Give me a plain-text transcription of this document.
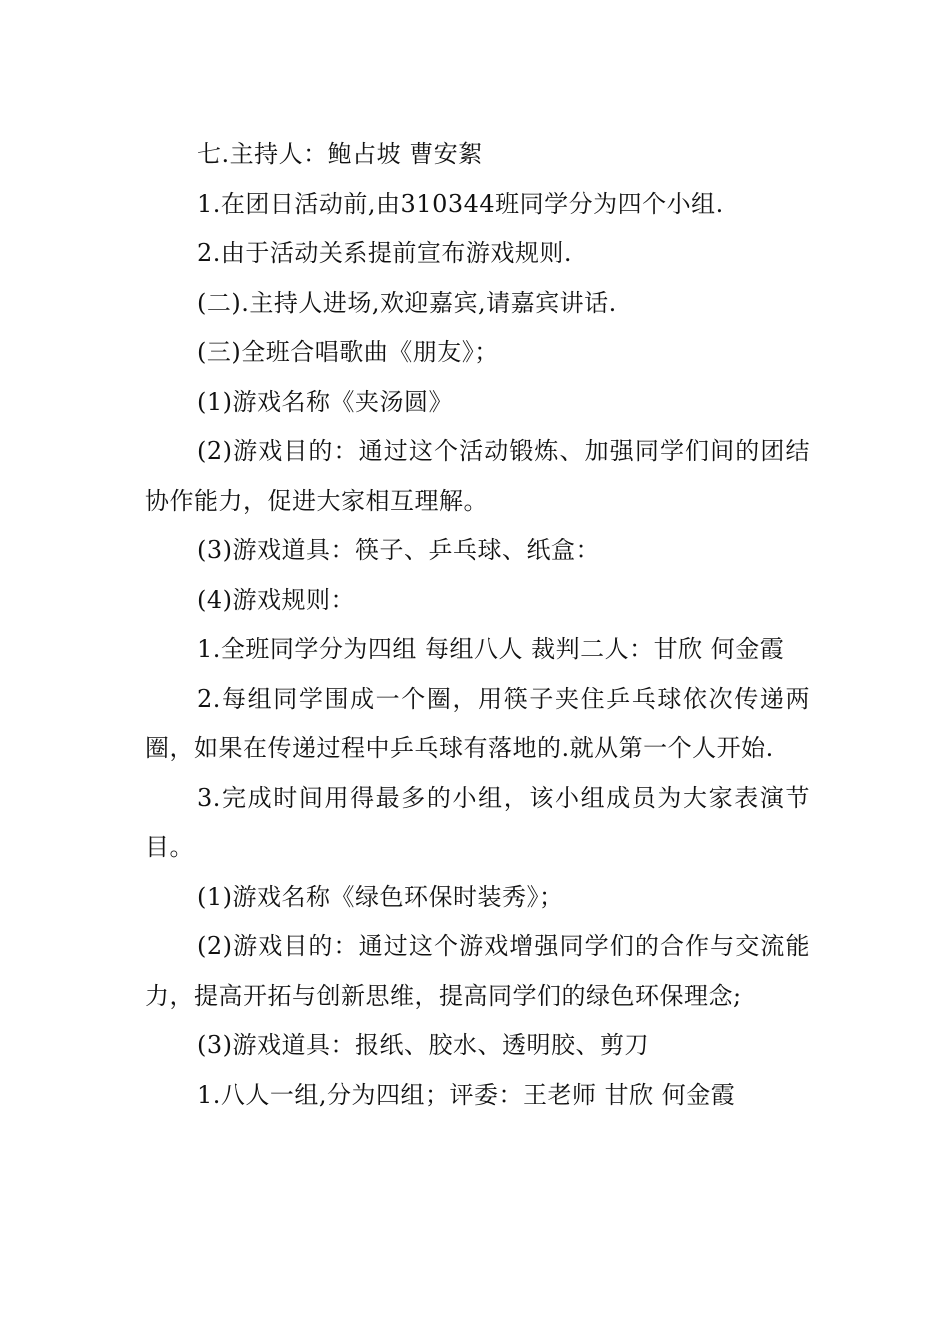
七.主持人：鲍占坡 曹安絮

1.在团日活动前,由310344班同学分为四个小组.

2.由于活动关系提前宣布游戏规则.

(二).主持人进场,欢迎嘉宾,请嘉宾讲话.

(三)全班合唱歌曲《朋友》；

(1)游戏名称《夹汤圆》

(2)游戏目的：通过这个活动锻炼、加强同学们间的团结协作能力，促进大家相互理解。

(3)游戏道具：筷子、乒乓球、纸盒：

(4)游戏规则：

1.全班同学分为四组 每组八人 裁判二人：甘欣 何金霞

2.每组同学围成一个圈，用筷子夹住乒乓球依次传递两圈，如果在传递过程中乒乓球有落地的.就从第一个人开始.

3.完成时间用得最多的小组，该小组成员为大家表演节目。

(1)游戏名称《绿色环保时装秀》；

(2)游戏目的：通过这个游戏增强同学们的合作与交流能力，提高开拓与创新思维，提高同学们的绿色环保理念;

(3)游戏道具：报纸、胶水、透明胶、剪刀

1.八人一组,分为四组；评委：王老师 甘欣 何金霞
